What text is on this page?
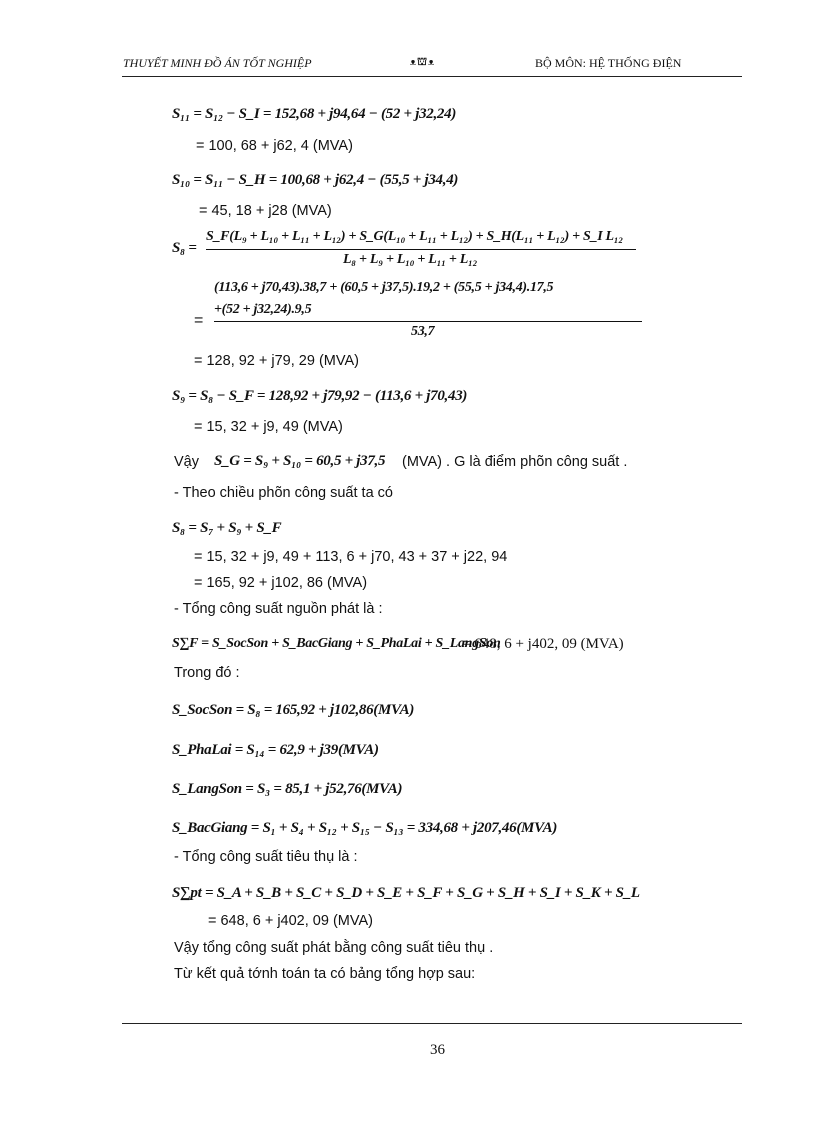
THUYẾT MINH ĐỒ ÁN TỐT NGHIỆP	ᴥ⛫ᴥ	BỘ MÔN: HỆ THỐNG ĐIỆN
S₁₁ = S₁₂ − S_I = 152,68 + j94,64 − (52 + j32,24)
= 100, 68 + j62, 4 (MVA)
S₁₀ = S₁₁ − S_H = 100,68 + j62,4 − (55,5 + j34,4)
= 45, 18 + j28 (MVA)
S₈ =
S_F(L₉ + L₁₀ + L₁₁ + L₁₂) + S_G(L₁₀ + L₁₁ + L₁₂) + S_H(L₁₁ + L₁₂) + S_I L₁₂
L₈ + L₉ + L₁₀ + L₁₁ + L₁₂
(113,6 + j70,43).38,7 + (60,5 + j37,5).19,2 + (55,5 + j34,4).17,5
=
+(52 + j32,24).9,5
53,7
= 128, 92 + j79, 29 (MVA)
S₉ = S₈ − S_F = 128,92 + j79,92 − (113,6 + j70,43)
= 15, 32 + j9, 49 (MVA)
Vậy S_G = S₉ + S₁₀ = 60,5 + j37,5 (MVA) . G là điểm phõn công suất .
- Theo chiều phõn công suất ta có
S₈ = S₇ + S₉ + S_F
= 15, 32 + j9, 49 + 113, 6 + j70, 43 + 37 + j22, 94
= 165, 92 + j102, 86 (MVA)
- Tổng công suất nguồn phát là :
S∑F = S_SocSon + S_BacGiang + S_PhaLai + S_LangSon
= 648, 6 + j402, 09 (MVA)
Trong đó :
S_SocSon = S₈ = 165,92 + j102,86(MVA)
S_PhaLai = S₁₄ = 62,9 + j39(MVA)
S_LangSon = S₃ = 85,1 + j52,76(MVA)
S_BacGiang = S₁ + S₄ + S₁₂ + S₁₅ − S₁₃ = 334,68 + j207,46(MVA)
- Tổng công suất tiêu thụ là :
S∑pt = S_A + S_B + S_C + S_D + S_E + S_F + S_G + S_H + S_I + S_K + S_L
= 648, 6 + j402, 09 (MVA)
Vậy tổng công suất phát bằng công suất tiêu thụ .
Từ kết quả tớnh toán ta có bảng tổng hợp sau:
36
